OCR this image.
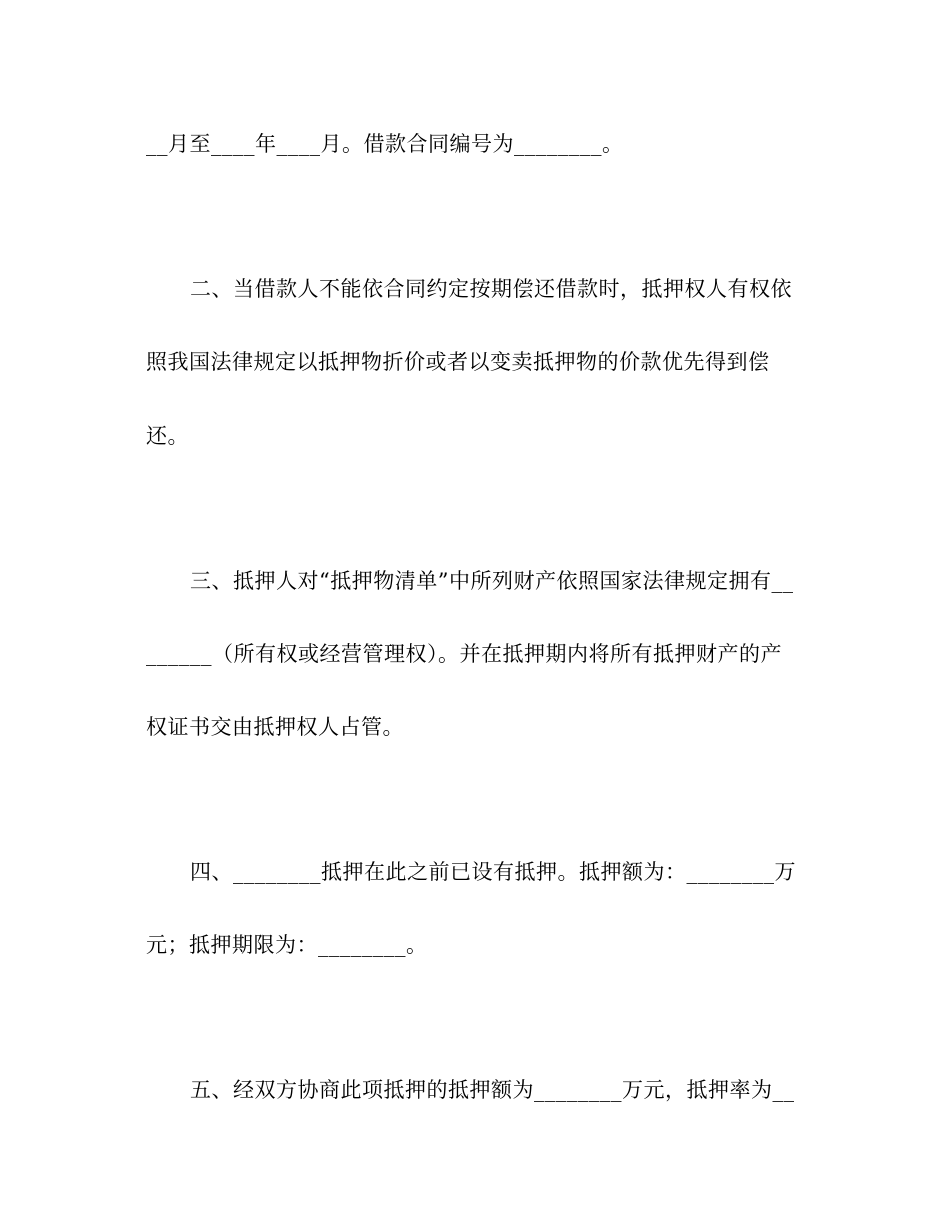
__月至____年____月。借款合同编号为________。
二、当借款人不能依合同约定按期偿还借款时，抵押权人有权依
照我国法律规定以抵押物折价或者以变卖抵押物的价款优先得到偿
还。
三、抵押人对“抵押物清单”中所列财产依照国家法律规定拥有__
______（所有权或经营管理权）。并在抵押期内将所有抵押财产的产
权证书交由抵押权人占管。
四、________抵押在此之前已设有抵押。抵押额为：________万
元；抵押期限为：________。
五、经双方协商此项抵押的抵押额为________万元，抵押率为__
